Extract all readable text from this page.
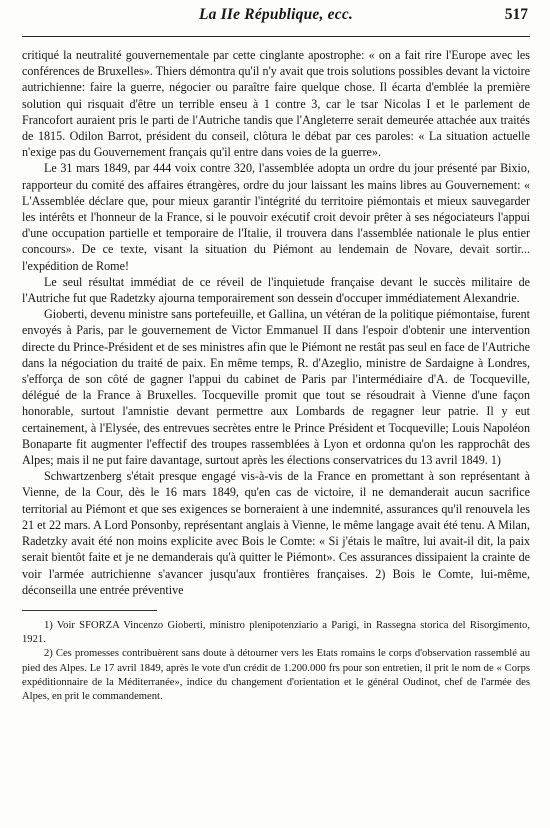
La IIe République, ecc.	517

critiqué la neutralité gouvernementale par cette cinglante apostrophe: « on a fait rire l'Europe avec les conférences de Bruxelles». Thiers démontra qu'il n'y avait que trois solutions possibles devant la victoire autrichienne: faire la guerre, négocier ou paraître faire quelque chose. Il écarta d'emblée la première solution qui risquait d'être un terrible enseu à 1 contre 3, car le tsar Nicolas I et le parlement de Francofort auraient pris le parti de l'Autriche tandis que l'Angleterre serait demeurée attachée aux traités de 1815. Odilon Barrot, président du conseil, clôtura le débat par ces paroles: « La situation actuelle n'exige pas du Gouvernement français qu'il entre dans voies de la guerre».

Le 31 mars 1849, par 444 voix contre 320, l'assemblée adopta un ordre du jour présenté par Bixio, rapporteur du comité des affaires étrangères, ordre du jour laissant les mains libres au Gouvernement: « L'Assemblée déclare que, pour mieux garantir l'intégrité du territoire piémontais et mieux sauvegarder les intérêts et l'honneur de la France, si le pouvoir exécutif croit devoir prêter à ses négociateurs l'appui d'une occupation partielle et temporaire de l'Italie, il trouvera dans l'assemblée nationale le plus entier concours». De ce texte, visant la situation du Piémont au lendemain de Novare, devait sortir... l'expédition de Rome!

Le seul résultat immédiat de ce réveil de l'inquietude française devant le succès militaire de l'Autriche fut que Radetzky ajourna temporairement son dessein d'occuper immédiatement Alexandrie.

Gioberti, devenu ministre sans portefeuille, et Gallina, un vétéran de la politique piémontaise, furent envoyés à Paris, par le gouvernement de Victor Emmanuel II dans l'espoir d'obtenir une intervention directe du Prince-Président et de ses ministres afin que le Piémont ne restât pas seul en face de l'Autriche dans la négociation du traité de paix. En même temps, R. d'Azeglio, ministre de Sardaigne à Londres, s'efforça de son côté de gagner l'appui du cabinet de Paris par l'intermédiaire d'A. de Tocqueville, délégué de la France à Bruxelles. Tocqueville promit que tout se résoudrait à Vienne d'une façon honorable, surtout l'amnistie devant permettre aux Lombards de regagner leur patrie. Il y eut certainement, à l'Elysée, des entrevues secrètes entre le Prince Président et Tocqueville; Louis Napoléon Bonaparte fit augmenter l'effectif des troupes rassemblées à Lyon et ordonna qu'on les rapprochât des Alpes; mais il ne put faire davantage, surtout après les élections conservatrices du 13 avril 1849. 1)

Schwartzenberg s'était presque engagé vis-à-vis de la France en promettant à son représentant à Vienne, de la Cour, dès le 16 mars 1849, qu'en cas de victoire, il ne demanderait aucun sacrifice territorial au Piémont et que ses exigences se borneraient à une indemnité, assurances qu'il renouvela les 21 et 22 mars. A Lord Ponsonby, représentant anglais à Vienne, le même langage avait été tenu. A Milan, Radetzky avait été non moins explicite avec Bois le Comte: « Si j'étais le maître, lui avait-il dit, la paix serait bientôt faite et je ne demanderais qu'à quitter le Piémont». Ces assurances dissipaient la crainte de voir l'armée autrichienne s'avancer jusqu'aux frontières françaises. 2) Bois le Comte, lui-même, déconseilla une entrée préventive

1) Voir SFORZA Vincenzo Gioberti, ministro plenipotenziario a Parigi, in Rassegna storica del Risorgimento, 1921.

2) Ces promesses contribuèrent sans doute à détourner vers les Etats romains le corps d'observation rassemblé au pied des Alpes. Le 17 avril 1849, après le vote d'un crédit de 1.200.000 frs pour son entretien, il prit le nom de « Corps expéditionnaire de la Méditerranée», indice du changement d'orientation et le général Oudinot, chef de l'armée des Alpes, en prit le commandement.
